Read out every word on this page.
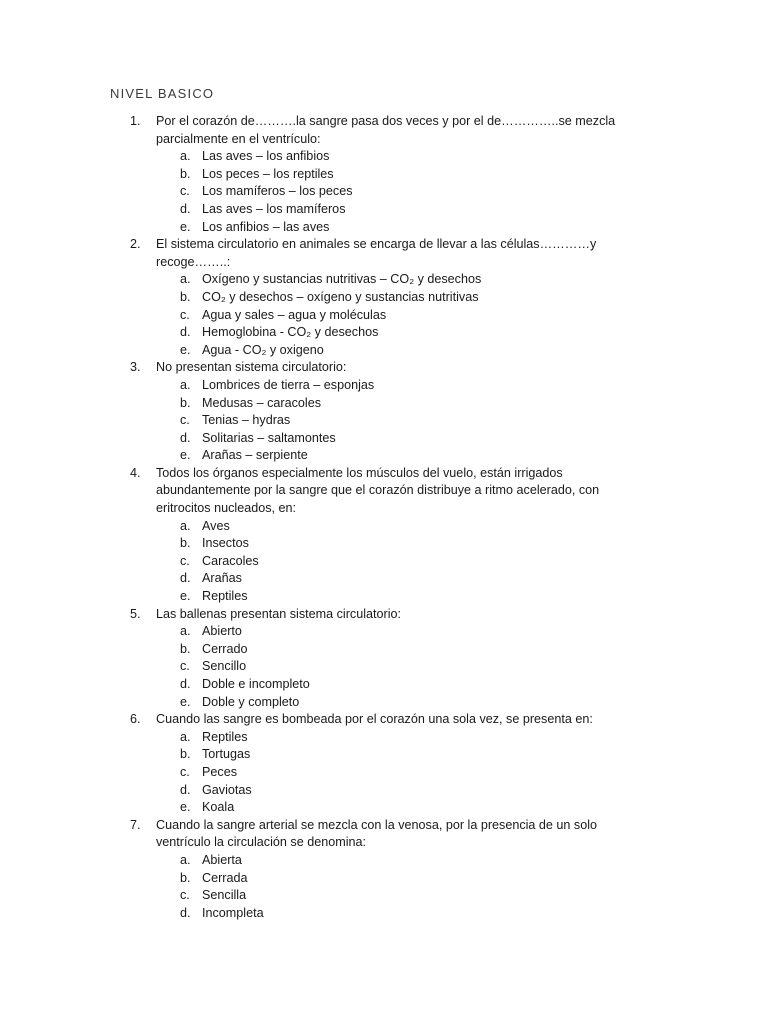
NIVEL BASICO
1. Por el corazón de……….la sangre pasa dos veces y por el de…………..se mezcla
parcialmente en el ventrículo:
a. Las aves – los anfibios
b. Los peces – los reptiles
c. Los mamíferos – los peces
d. Las aves – los mamíferos
e. Los anfibios – las aves
2. El sistema circulatorio en animales se encarga de llevar a las células…………y
recoge……..:
a. Oxígeno y sustancias nutritivas – CO₂ y desechos
b. CO₂ y desechos – oxígeno y sustancias nutritivas
c. Agua y sales – agua y moléculas
d. Hemoglobina - CO₂ y desechos
e. Agua - CO₂ y oxigeno
3. No presentan sistema circulatorio:
a. Lombrices de tierra – esponjas
b. Medusas – caracoles
c. Tenias – hydras
d. Solitarias – saltamontes
e. Arañas – serpiente
4. Todos los órganos especialmente los músculos del vuelo, están irrigados
abundantemente por la sangre que el corazón distribuye a ritmo acelerado, con
eritrocitos nucleados, en:
a. Aves
b. Insectos
c. Caracoles
d. Arañas
e. Reptiles
5. Las ballenas presentan sistema circulatorio:
a. Abierto
b. Cerrado
c. Sencillo
d. Doble e incompleto
e. Doble y completo
6. Cuando las sangre es bombeada por el corazón una sola vez, se presenta en:
a. Reptiles
b. Tortugas
c. Peces
d. Gaviotas
e. Koala
7. Cuando la sangre arterial se mezcla con la venosa, por la presencia de un solo
ventrículo la circulación se denomina:
a. Abierta
b. Cerrada
c. Sencilla
d. Incompleta
